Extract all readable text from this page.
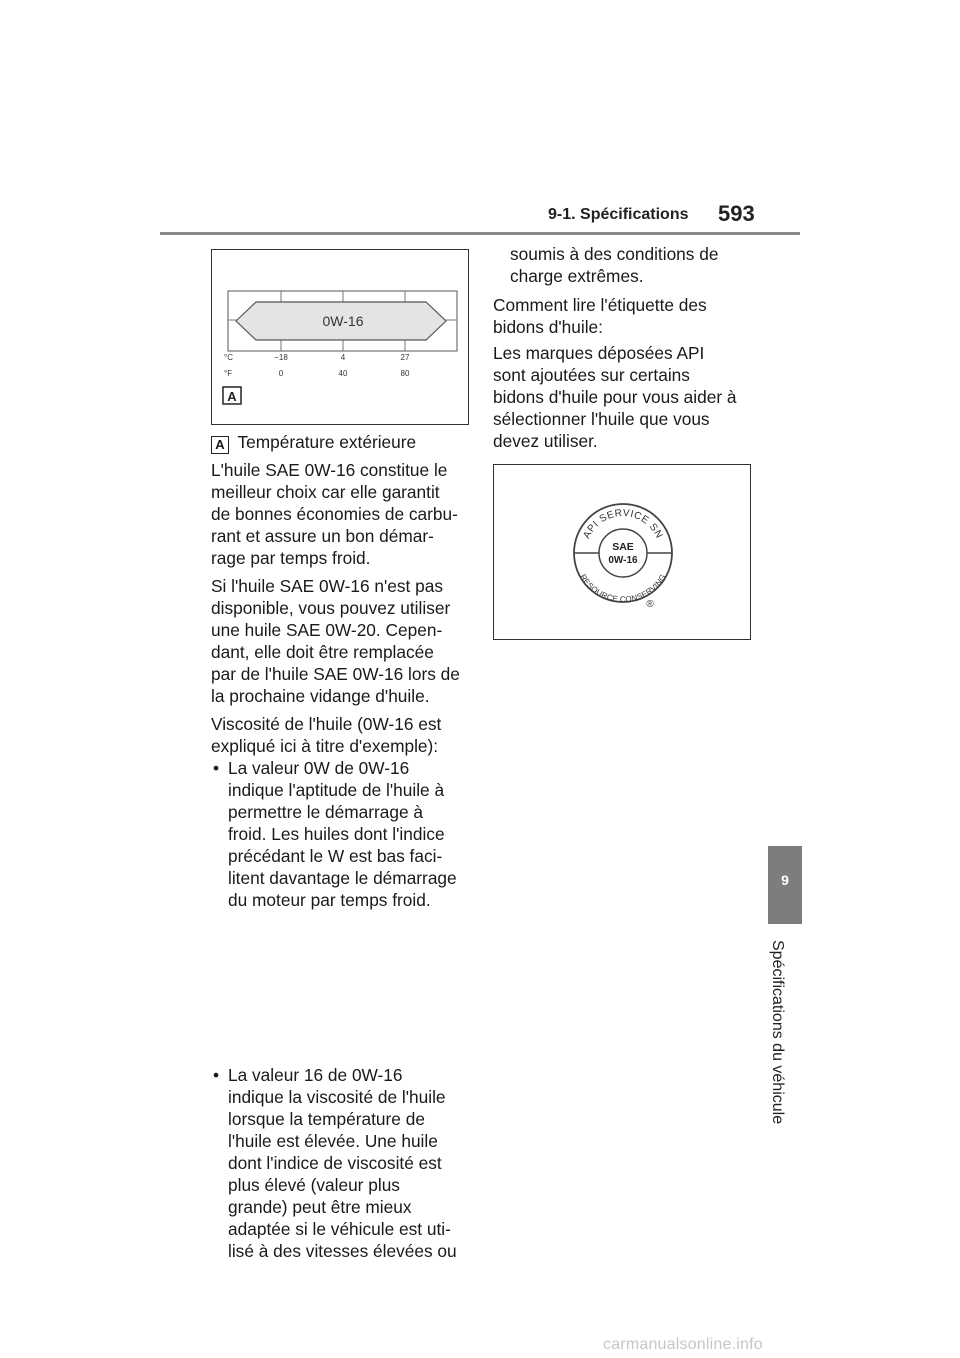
9-1. Spécifications 593
9
Spécifications du véhicule
0W-16
°C
°F
−18	4	27
0	40	80
A
A Température extérieure
L'huile SAE 0W-16 constitue le
meilleur choix car elle garantit
de bonnes économies de carbu-
rant et assure un bon démar-
rage par temps froid.
Si l'huile SAE 0W-16 n'est pas
disponible, vous pouvez utiliser
une huile SAE 0W-20. Cepen-
dant, elle doit être remplacée
par de l'huile SAE 0W-16 lors de
la prochaine vidange d'huile.
Viscosité de l'huile (0W-16 est
expliqué ici à titre d'exemple):
• La valeur 0W de 0W-16
indique l'aptitude de l'huile à
permettre le démarrage à
froid. Les huiles dont l'indice
précédant le W est bas faci-
litent davantage le démarrage
du moteur par temps froid.
• La valeur 16 de 0W-16
indique la viscosité de l'huile
lorsque la température de
l'huile est élevée. Une huile
dont l'indice de viscosité est
plus élevé (valeur plus
grande) peut être mieux
adaptée si le véhicule est uti-
lisé à des vitesses élevées ou
soumis à des conditions de
charge extrêmes.
Comment lire l'étiquette des
bidons d'huile:
Les marques déposées API
sont ajoutées sur certains
bidons d'huile pour vous aider à
sélectionner l'huile que vous
devez utiliser.
API SERVICE SN
RESOURCE CONSERVING
SAE
0W-16
®
carmanualsonline.info
